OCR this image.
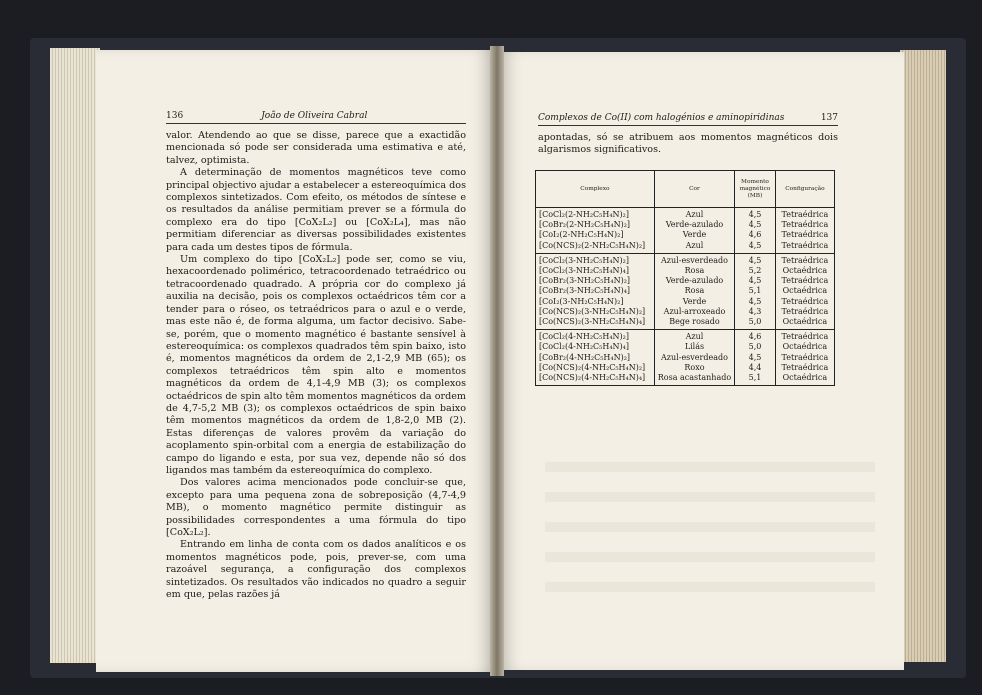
136	João de Oliveira Cabral

valor. Atendendo ao que se disse, parece que a exactidão mencionada só pode ser considerada uma estimativa e até, talvez, optimista.

A determinação de momentos magnéticos teve como principal objectivo ajudar a estabelecer a estereoquímica dos complexos sintetizados. Com efeito, os métodos de síntese e os resultados da análise permitiam prever se a fórmula do complexo era do tipo [CoX₂L₂] ou [CoX₂L₄], mas não permitiam diferenciar as diversas possibilidades existentes para cada um destes tipos de fórmula.

Um complexo do tipo [CoX₂L₂] pode ser, como se viu, hexacoordenado polimérico, tetracoordenado tetraédrico ou tetracoordenado quadrado. A própria cor do complexo já auxilia na decisão, pois os complexos octaédricos têm cor a tender para o róseo, os tetraédricos para o azul e o verde, mas este não é, de forma alguma, um factor decisivo. Sabe-se, porém, que o momento magnético é bastante sensível à estereoquímica: os complexos quadrados têm spin baixo, isto é, momentos magnéticos da ordem de 2,1-2,9 MB (65); os complexos tetraédricos têm spin alto e momentos magnéticos da ordem de 4,1-4,9 MB (3); os complexos octaédricos de spin alto têm momentos magnéticos da ordem de 4,7-5,2 MB (3); os complexos octaédricos de spin baixo têm momentos magnéticos da ordem de 1,8-2,0 MB (2). Estas diferenças de valores provêm da variação do acoplamento spin-orbital com a energia de estabilização do campo do ligando e esta, por sua vez, depende não só dos ligandos mas também da estereoquímica do complexo.

Dos valores acima mencionados pode concluir-se que, excepto para uma pequena zona de sobreposição (4,7-4,9 MB), o momento magnético permite distinguir as possibilidades correspondentes a uma fórmula do tipo [CoX₂L₂].

Entrando em linha de conta com os dados analíticos e os momentos magnéticos pode, pois, prever-se, com uma razoável segurança, a configuração dos complexos sintetizados. Os resultados vão indicados no quadro a seguir em que, pelas razões já

Complexos de Co(II) com halogénios e aminopiridinas	137

apontadas, só se atribuem aos momentos magnéticos dois algarismos significativos.

Complexo	Cor	Momento magnético (MB)	Configuração
[CoCl₂(2-NH₂C₅H₄N)₂]	Azul	4,5	Tetraédrica
[CoBr₂(2-NH₂C₅H₄N)₂]	Verde-azulado	4,5	Tetraédrica
[CoI₂(2-NH₂C₅H₄N)₂]	Verde	4,6	Tetraédrica
[Co(NCS)₂(2-NH₂C₅H₄N)₂]	Azul	4,5	Tetraédrica
[CoCl₂(3-NH₂C₅H₄N)₂]	Azul-esverdeado	4,5	Tetraédrica
[CoCl₂(3-NH₂C₅H₄N)₄]	Rosa	5,2	Octaédrica
[CoBr₂(3-NH₂C₅H₄N)₂]	Verde-azulado	4,5	Tetraédrica
[CoBr₂(3-NH₂C₅H₄N)₄]	Rosa	5,1	Octaédrica
[CoI₂(3-NH₂C₅H₄N)₂]	Verde	4,5	Tetraédrica
[Co(NCS)₂(3-NH₂C₅H₄N)₂]	Azul-arroxeado	4,3	Tetraédrica
[Co(NCS)₂(3-NH₂C₅H₄N)₄]	Bege rosado	5,0	Octaédrica
[CoCl₂(4-NH₂C₅H₄N)₂]	Azul	4,6	Tetraédrica
[CoCl₂(4-NH₂C₅H₄N)₄]	Lilás	5,0	Octaédrica
[CoBr₂(4-NH₂C₅H₄N)₂]	Azul-esverdeado	4,5	Tetraédrica
[Co(NCS)₂(4-NH₂C₅H₄N)₂]	Roxo	4,4	Tetraédrica
[Co(NCS)₂(4-NH₂C₅H₄N)₄]	Rosa acastanhado	5,1	Octaédrica
